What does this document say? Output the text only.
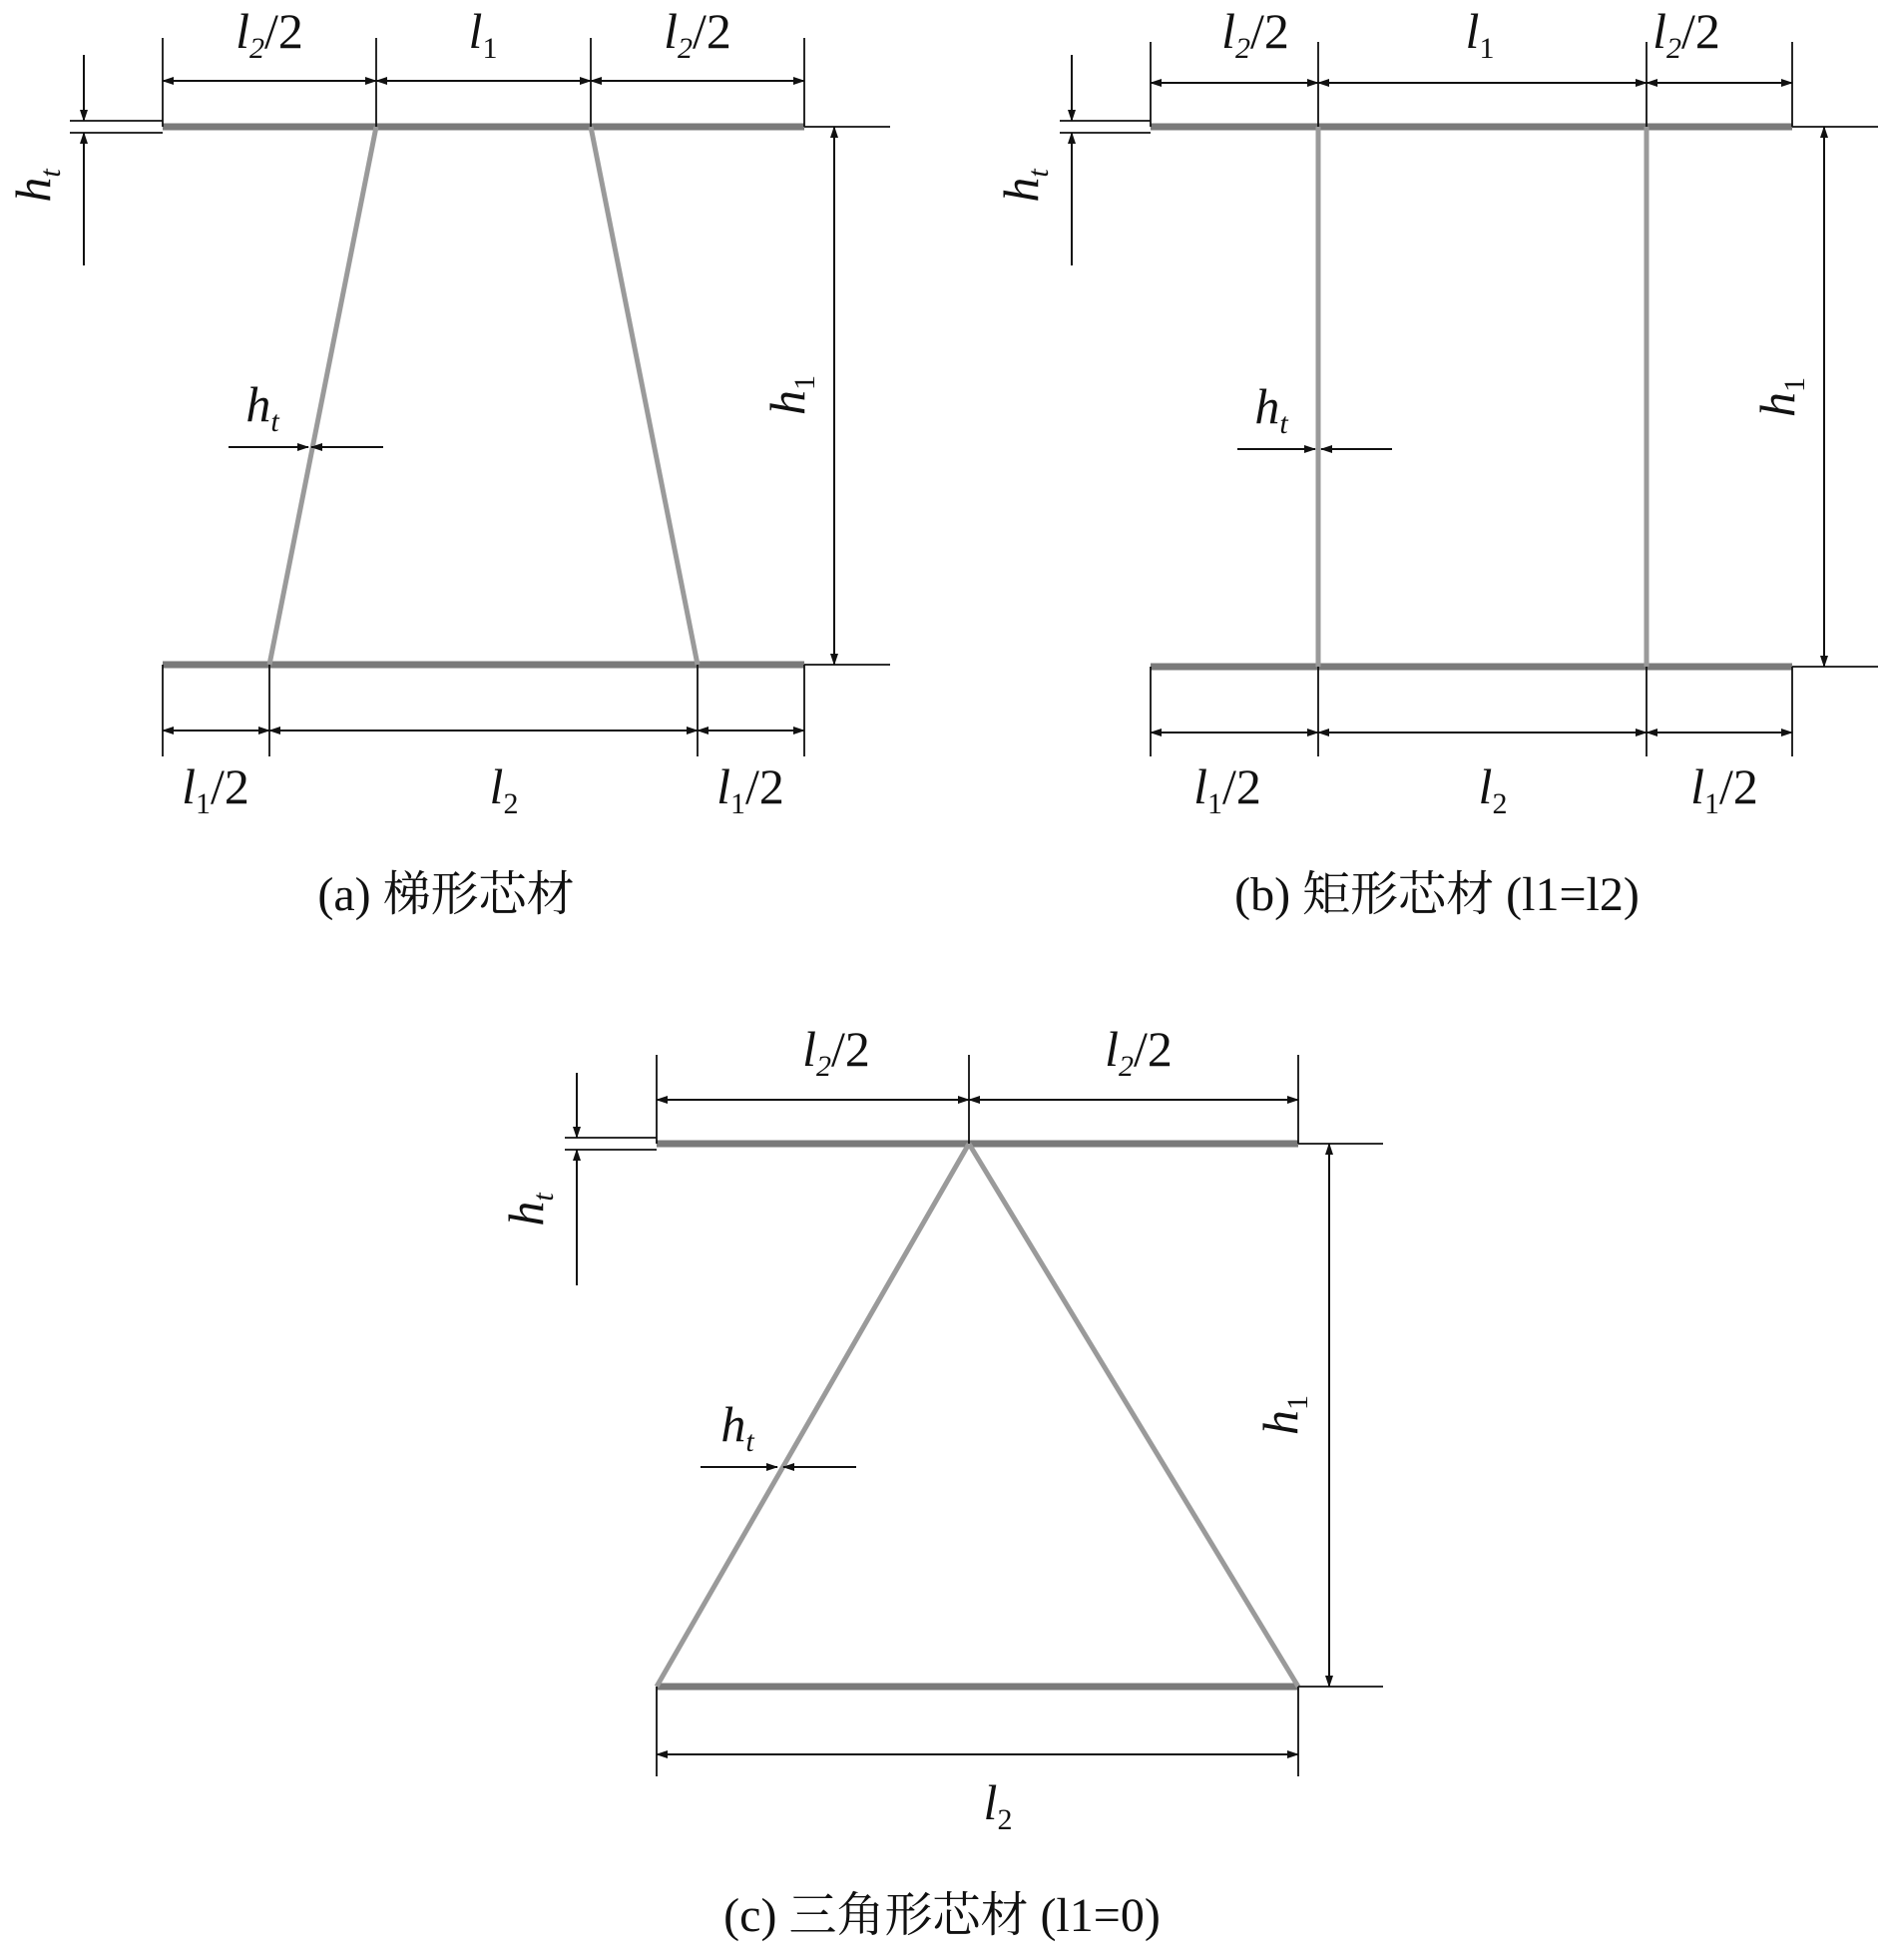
$l_2/2$	$l_1$	$l_2/2$
$l_1/2$	$l_2$	$l_1/2$
$h_1$
$h_t$
$h_t$
(a) 梯形芯材
$l_2/2$	$l_1$	$l_2/2$
$l_1/2$	$l_2$	$l_1/2$
$h_1$
$h_t$
$h_t$
(b) 矩形芯材 (l1=l2)
$l_2/2$	$l_2/2$
$l_2$
$h_1$
$h_t$
$h_t$
(c) 三角形芯材 (l1=0)
